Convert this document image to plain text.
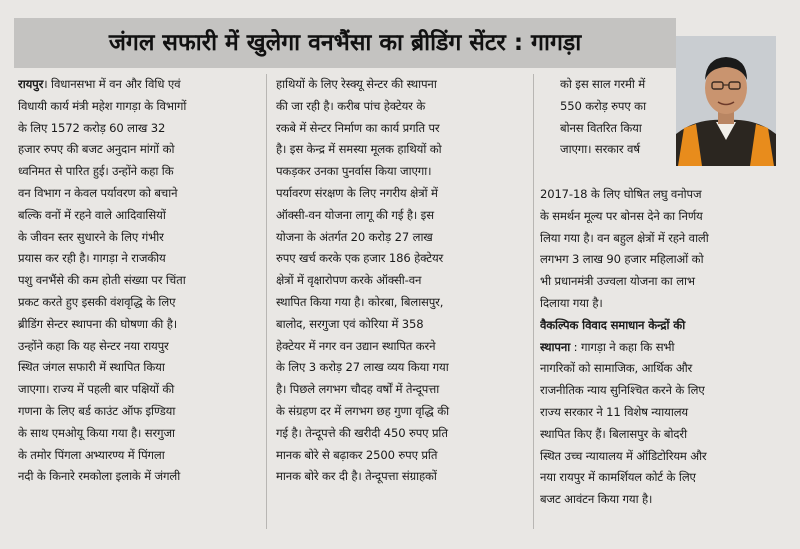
जंगल सफारी में खुलेगा वनभैंसा का ब्रीडिंग सेंटर : गागड़ा
रायपुर। विधानसभा में वन और विधि एवं
विधायी कार्य मंत्री महेश गागड़ा के विभागों
के लिए 1572 करोड़ 60 लाख 32
हजार रुपए की बजट अनुदान मांगों को
ध्वनिमत से पारित हुई। उन्होंने कहा कि
वन विभाग न केवल पर्यावरण को बचाने
बल्कि वनों में रहने वाले आदिवासियों
के जीवन स्तर सुधारने के लिए गंभीर
प्रयास कर रही है। गागड़ा ने राजकीय
पशु वनभैंसे की कम होती संख्या पर चिंता
प्रकट करते हुए इसकी वंशवृद्धि के लिए
ब्रीडिंग सेन्टर स्थापना की घोषणा की है।
उन्होंने कहा कि यह सेन्टर नया रायपुर
स्थित जंगल सफारी में स्थापित किया
जाएगा। राज्य में पहली बार पक्षियों की
गणना के लिए बर्ड काउंट ऑफ इण्डिया
के साथ एमओयू किया गया है। सरगुजा
के तमोर पिंगला अभ्यारण्य में पिंगला
नदी के किनारे रमकोला इलाके में जंगली
हाथियों के लिए रेस्क्यू सेन्टर की स्थापना
की जा रही है। करीब पांच हेक्टेयर के
रकबे में सेन्टर निर्माण का कार्य प्रगति पर
है। इस केन्द्र में समस्या मूलक हाथियों को
पकड़कर उनका पुनर्वास किया जाएगा।
पर्यावरण संरक्षण के लिए नगरीय क्षेत्रों में
ऑक्सी-वन योजना लागू की गई है। इस
योजना के अंतर्गत 20 करोड़ 27 लाख
रुपए खर्च करके एक हजार 186 हेक्टेयर
क्षेत्रों में वृक्षारोपण करके ऑक्सी-वन
स्थापित किया गया है। कोरबा, बिलासपुर,
बालोद, सरगुजा एवं कोरिया में 358
हेक्टेयर में नगर वन उद्यान स्थापित करने
के लिए 3 करोड़ 27 लाख व्यय किया गया
है। पिछले लगभग चौदह वर्षों में तेन्दूपत्ता
के संग्रहण दर में लगभग छह गुणा वृद्धि की
गई है। तेन्दूपत्ते की खरीदी 450 रुपए प्रति
मानक बोरे से बढ़ाकर 2500 रुपए प्रति
मानक बोरे कर दी है। तेन्दूपत्ता संग्राहकों
को इस साल गरमी में
550 करोड़ रुपए का
बोनस वितरित किया
जाएगा। सरकार वर्ष
2017-18 के लिए घोषित लघु वनोपज
के समर्थन मूल्य पर बोनस देने का निर्णय
लिया गया है। वन बहुल क्षेत्रों में रहने वाली
लगभग 3 लाख 90 हजार महिलाओं को
भी प्रधानमंत्री उज्वला योजना का लाभ
दिलाया गया है।
वैकल्पिक विवाद समाधान केन्द्रों की
स्थापना : गागड़ा ने कहा कि सभी
नागरिकों को सामाजिक, आर्थिक और
राजनीतिक न्याय सुनिश्चित करने के लिए
राज्य सरकार ने 11 विशेष न्यायालय
स्थापित किए हैं। बिलासपुर के बोदरी
स्थित उच्च न्यायालय में ऑडिटोरियम और
नया रायपुर में कामर्शियल कोर्ट के लिए
बजट आवंटन किया गया है।
